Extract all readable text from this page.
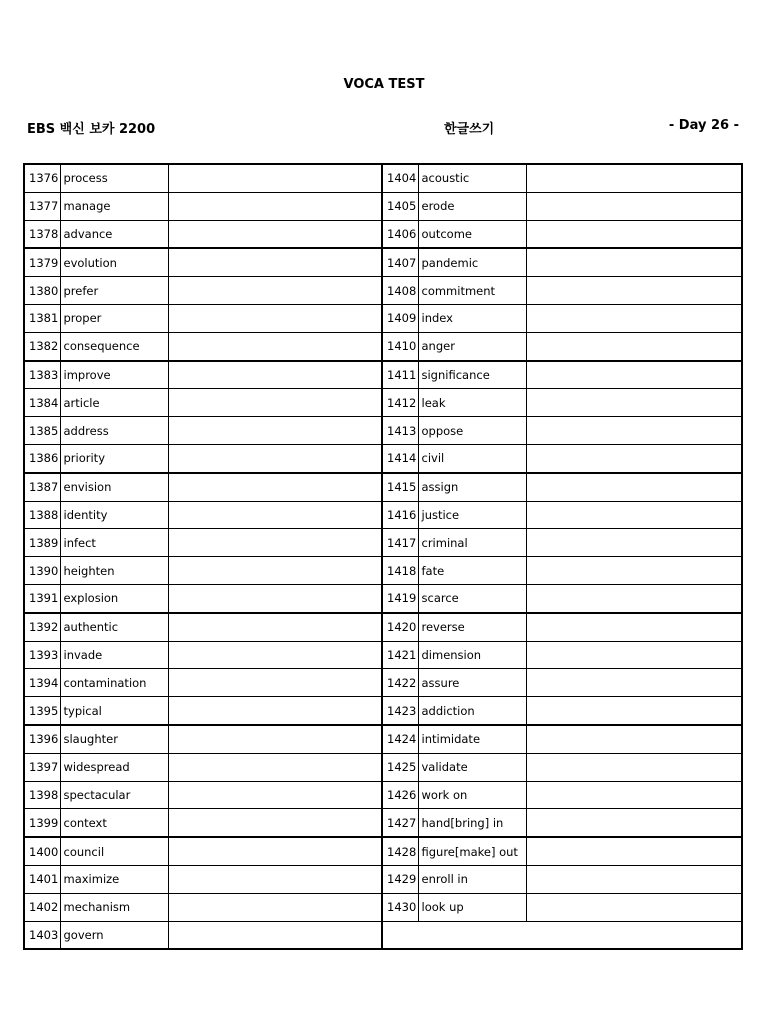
VOCA TEST
EBS 백신 보카 2200	한글쓰기	- Day 26 -
1376	process		1404	acoustic	
1377	manage		1405	erode	
1378	advance		1406	outcome	
1379	evolution		1407	pandemic	
1380	prefer		1408	commitment	
1381	proper		1409	index	
1382	consequence		1410	anger	
1383	improve		1411	significance	
1384	article		1412	leak	
1385	address		1413	oppose	
1386	priority		1414	civil	
1387	envision		1415	assign	
1388	identity		1416	justice	
1389	infect		1417	criminal	
1390	heighten		1418	fate	
1391	explosion		1419	scarce	
1392	authentic		1420	reverse	
1393	invade		1421	dimension	
1394	contamination		1422	assure	
1395	typical		1423	addiction	
1396	slaughter		1424	intimidate	
1397	widespread		1425	validate	
1398	spectacular		1426	work on	
1399	context		1427	hand[bring] in	
1400	council		1428	figure[make] out	
1401	maximize		1429	enroll in	
1402	mechanism		1430	look up	
1403	govern				
